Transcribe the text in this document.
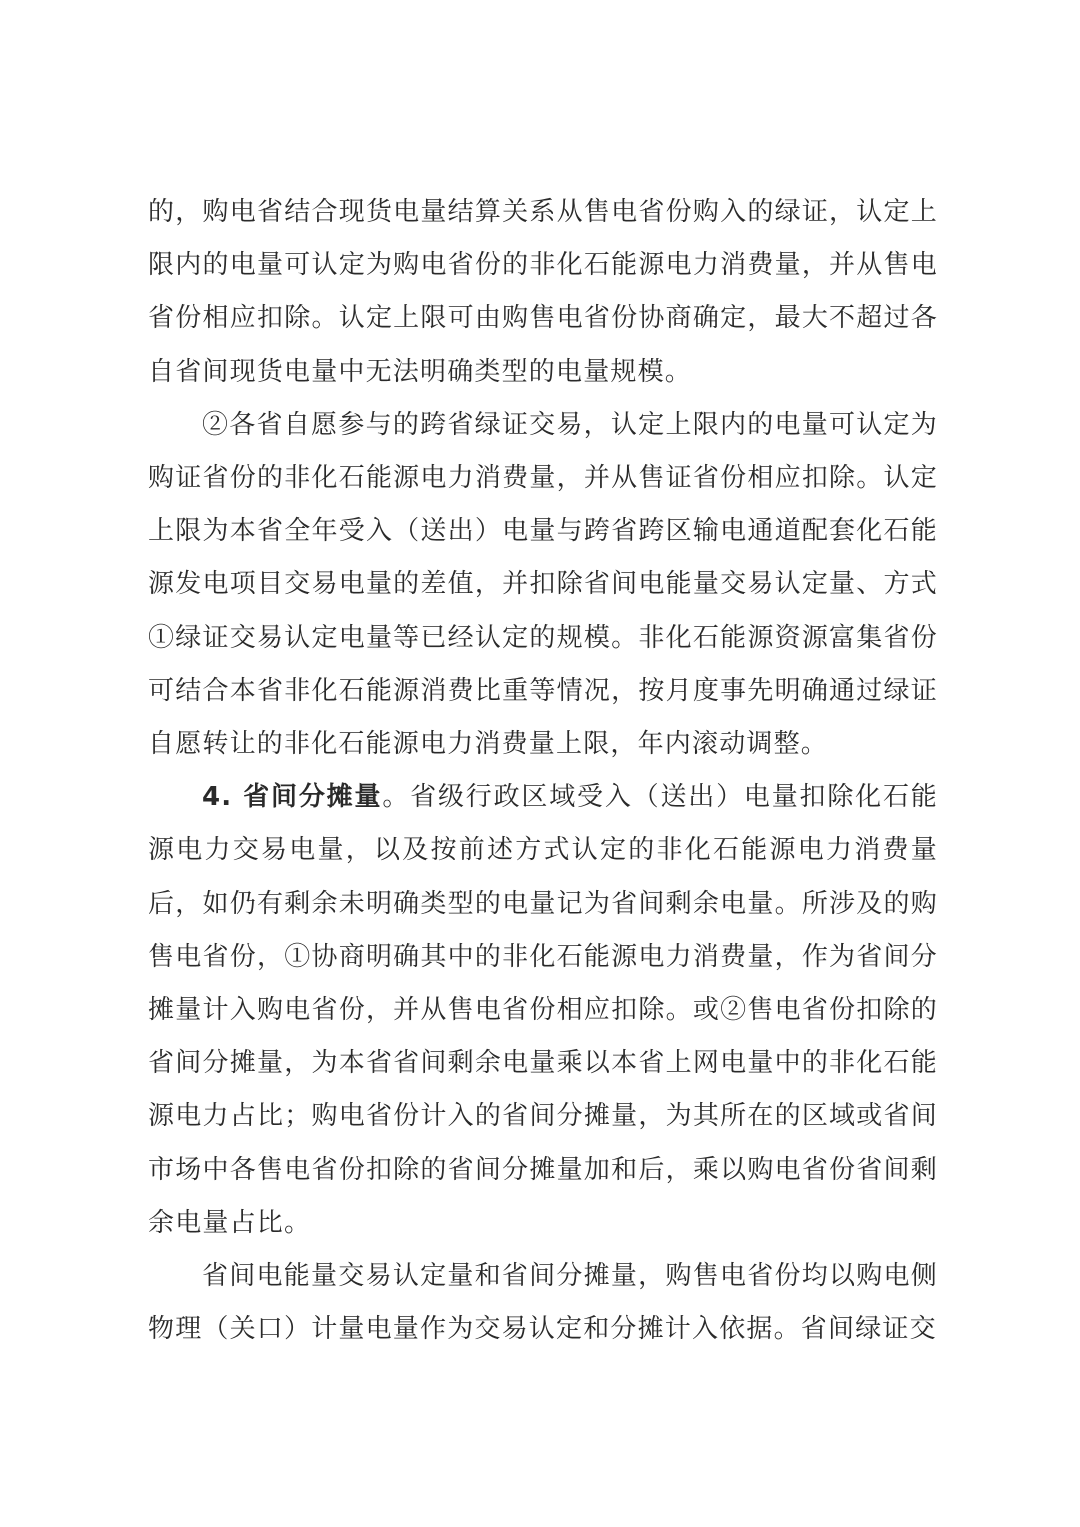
的，购电省结合现货电量结算关系从售电省份购入的绿证，认定上限内的电量可认定为购电省份的非化石能源电力消费量，并从售电省份相应扣除。认定上限可由购售电省份协商确定，最大不超过各自省间现货电量中无法明确类型的电量规模。

②各省自愿参与的跨省绿证交易，认定上限内的电量可认定为购证省份的非化石能源电力消费量，并从售证省份相应扣除。认定上限为本省全年受入（送出）电量与跨省跨区输电通道配套化石能源发电项目交易电量的差值，并扣除省间电能量交易认定量、方式①绿证交易认定电量等已经认定的规模。非化石能源资源富集省份可结合本省非化石能源消费比重等情况，按月度事先明确通过绿证自愿转让的非化石能源电力消费量上限，年内滚动调整。

4. 省间分摊量。省级行政区域受入（送出）电量扣除化石能源电力交易电量，以及按前述方式认定的非化石能源电力消费量后，如仍有剩余未明确类型的电量记为省间剩余电量。所涉及的购售电省份，①协商明确其中的非化石能源电力消费量，作为省间分摊量计入购电省份，并从售电省份相应扣除。或②售电省份扣除的省间分摊量，为本省省间剩余电量乘以本省上网电量中的非化石能源电力占比；购电省份计入的省间分摊量，为其所在的区域或省间市场中各售电省份扣除的省间分摊量加和后，乘以购电省份省间剩余电量占比。

省间电能量交易认定量和省间分摊量，购售电省份均以购电侧物理（关口）计量电量作为交易认定和分摊计入依据。省间绿证交
